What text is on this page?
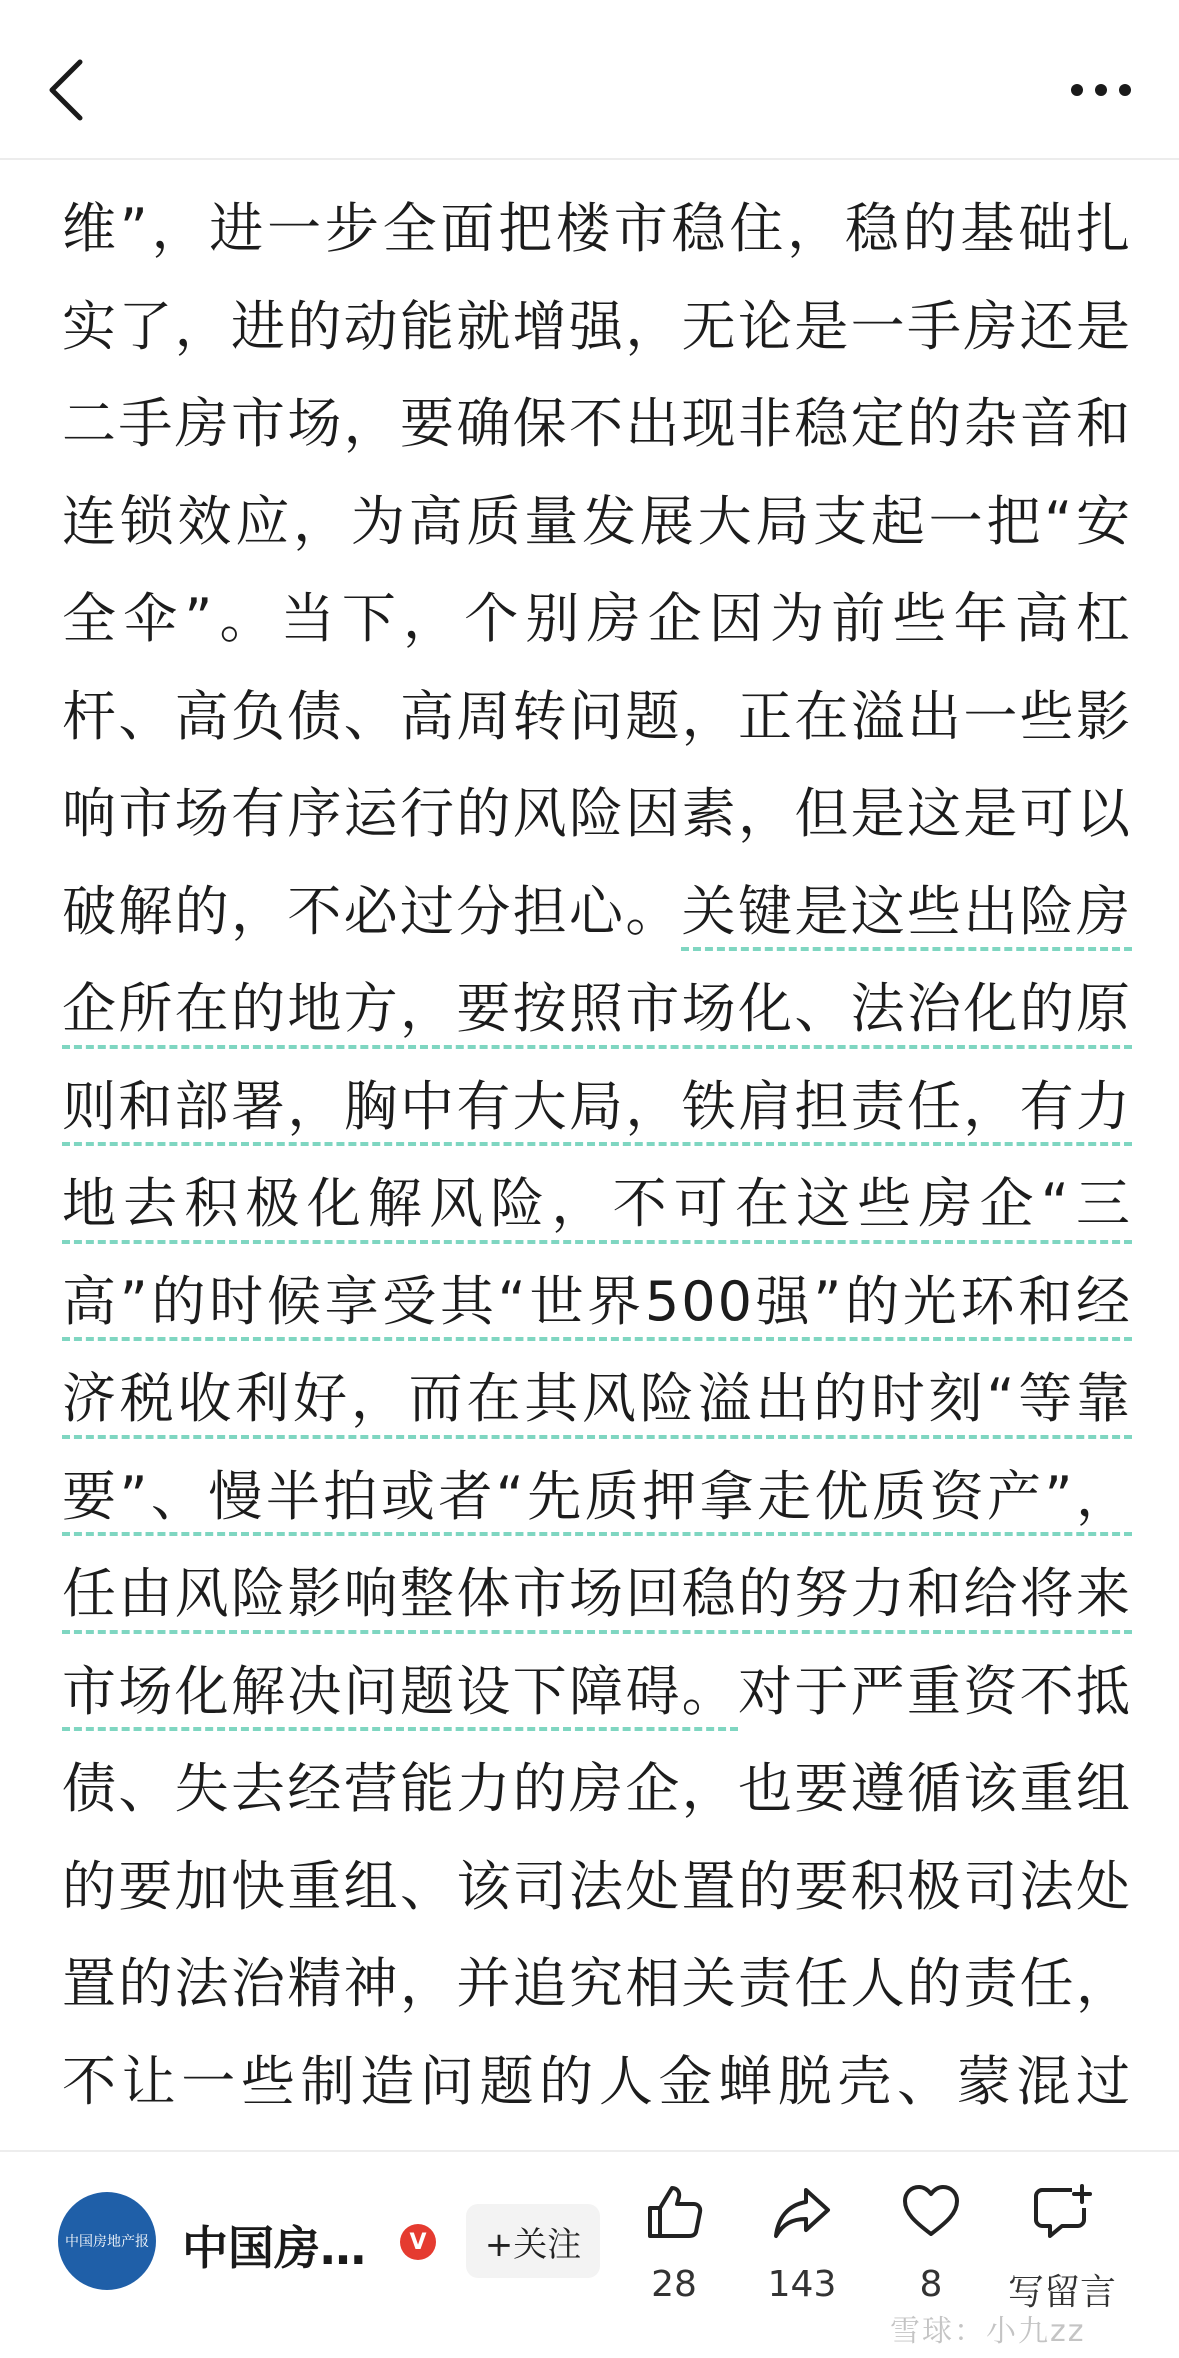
维”，进一步全面把楼市稳住，稳的基础扎实了，进的动能就增强，无论是一手房还是二手房市场，要确保不出现非稳定的杂音和连锁效应，为高质量发展大局支起一把“安全伞”。当下，个别房企因为前些年高杠杆、高负债、高周转问题，正在溢出一些影响市场有序运行的风险因素，但是这是可以破解的，不必过分担心。关键是这些出险房企所在的地方，要按照市场化、法治化的原则和部署，胸中有大局，铁肩担责任，有力地去积极化解风险，不可在这些房企“三高”的时候享受其“世界500强”的光环和经济税收利好，而在其风险溢出的时刻“等靠要”、慢半拍或者“先质押拿走优质资产”，任由风险影响整体市场回稳的努力和给将来市场化解决问题设下障碍。对于严重资不抵债、失去经营能力的房企，也要遵循该重组的要加快重组、该司法处置的要积极司法处置的法治精神，并追究相关责任人的责任，不让一些制造问题的人金蝉脱壳、蒙混过

中国房地产报 中国房…	V	+关注
28 143 8 写留言
雪球：小九zz
